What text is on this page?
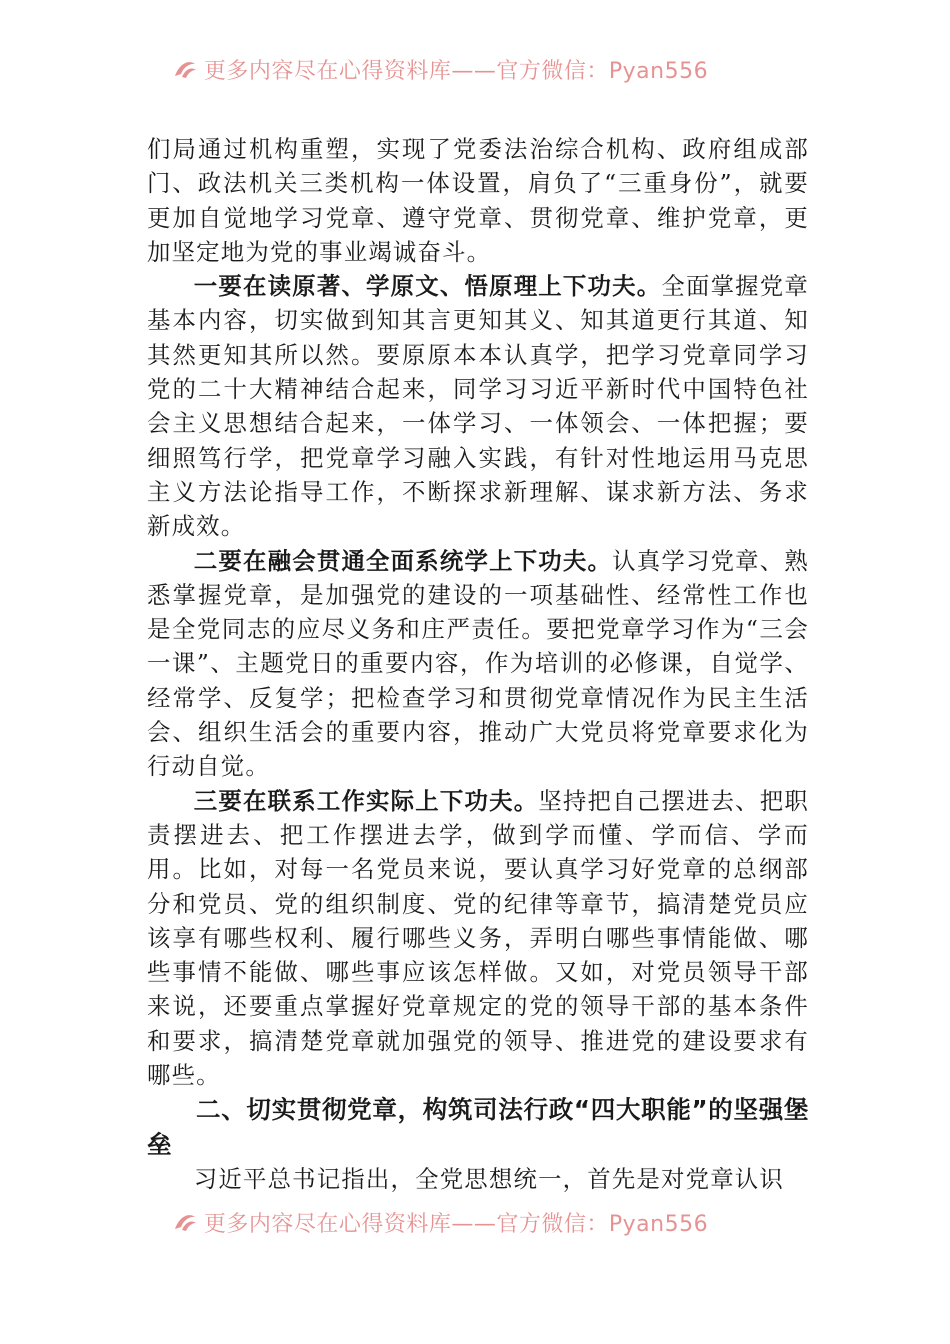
更多内容尽在心得资料库——官方微信：Pyan556

们局通过机构重塑，实现了党委法治综合机构、政府组成部门、政法机关三类机构一体设置，肩负了“三重身份”，就要更加自觉地学习党章、遵守党章、贯彻党章、维护党章，更加坚定地为党的事业竭诚奋斗。

一要在读原著、学原文、悟原理上下功夫。全面掌握党章基本内容，切实做到知其言更知其义、知其道更行其道、知其然更知其所以然。要原原本本认真学，把学习党章同学习党的二十大精神结合起来，同学习习近平新时代中国特色社会主义思想结合起来，一体学习、一体领会、一体把握；要细照笃行学，把党章学习融入实践，有针对性地运用马克思主义方法论指导工作，不断探求新理解、谋求新方法、务求新成效。

二要在融会贯通全面系统学上下功夫。认真学习党章、熟悉掌握党章，是加强党的建设的一项基础性、经常性工作也是全党同志的应尽义务和庄严责任。要把党章学习作为“三会一课”、主题党日的重要内容，作为培训的必修课，自觉学、经常学、反复学；把检查学习和贯彻党章情况作为民主生活会、组织生活会的重要内容，推动广大党员将党章要求化为行动自觉。

三要在联系工作实际上下功夫。坚持把自己摆进去、把职责摆进去、把工作摆进去学，做到学而懂、学而信、学而用。比如，对每一名党员来说，要认真学习好党章的总纲部分和党员、党的组织制度、党的纪律等章节，搞清楚党员应该享有哪些权利、履行哪些义务，弄明白哪些事情能做、哪些事情不能做、哪些事应该怎样做。又如，对党员领导干部来说，还要重点掌握好党章规定的党的领导干部的基本条件和要求，搞清楚党章就加强党的领导、推进党的建设要求有哪些。

二、切实贯彻党章，构筑司法行政“四大职能”的坚强堡垒

习近平总书记指出，全党思想统一，首先是对党章认识

更多内容尽在心得资料库——官方微信：Pyan556
